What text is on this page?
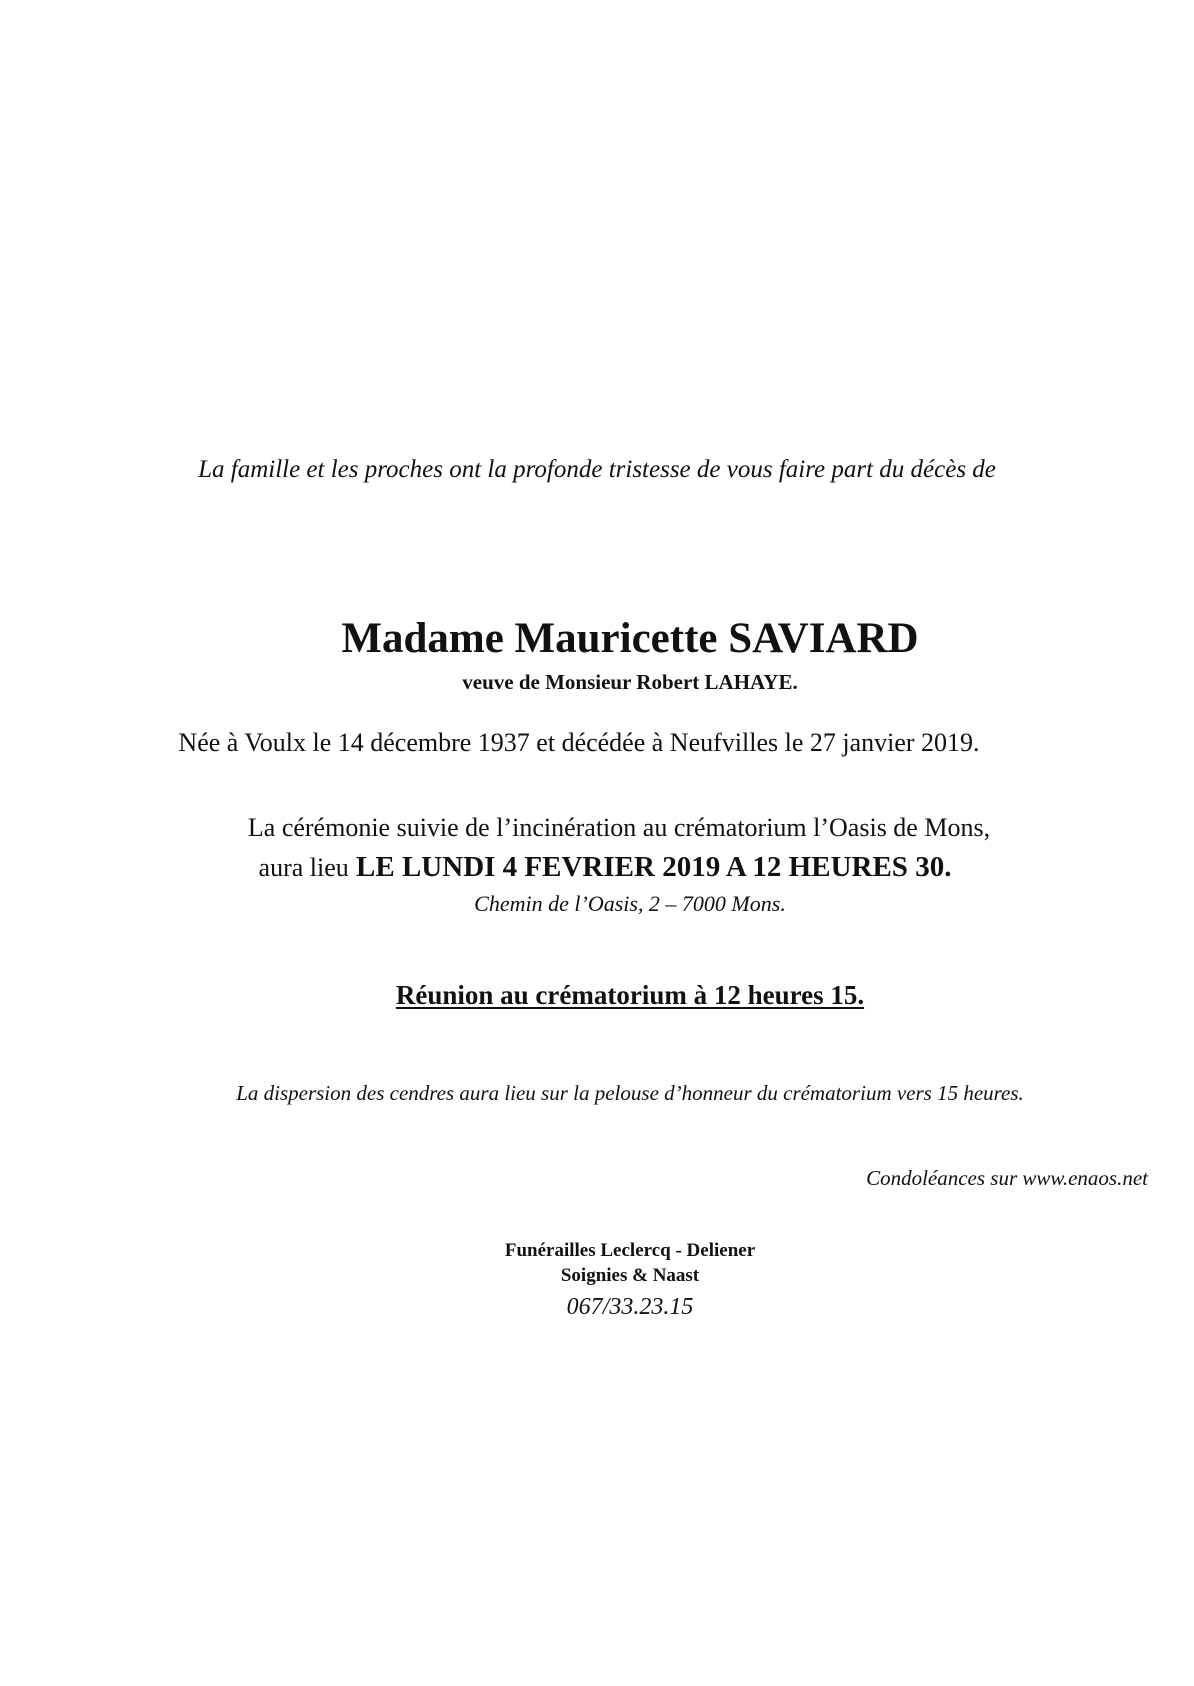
La famille et les proches ont la profonde tristesse de vous faire part du décès de

Madame Mauricette SAVIARD

veuve de Monsieur Robert LAHAYE.

Née à Voulx le 14 décembre 1937 et décédée à Neufvilles le 27 janvier 2019.

La cérémonie suivie de l’incinération au crématorium l’Oasis de Mons,

aura lieu LE LUNDI 4 FEVRIER 2019 A 12 HEURES 30.

Chemin de l’Oasis, 2 – 7000 Mons.

Réunion au crématorium à 12 heures 15.

La dispersion des cendres aura lieu sur la pelouse d’honneur du crématorium vers 15 heures.

Condoléances sur www.enaos.net

Funérailles Leclercq - Deliener

Soignies & Naast

067/33.23.15
